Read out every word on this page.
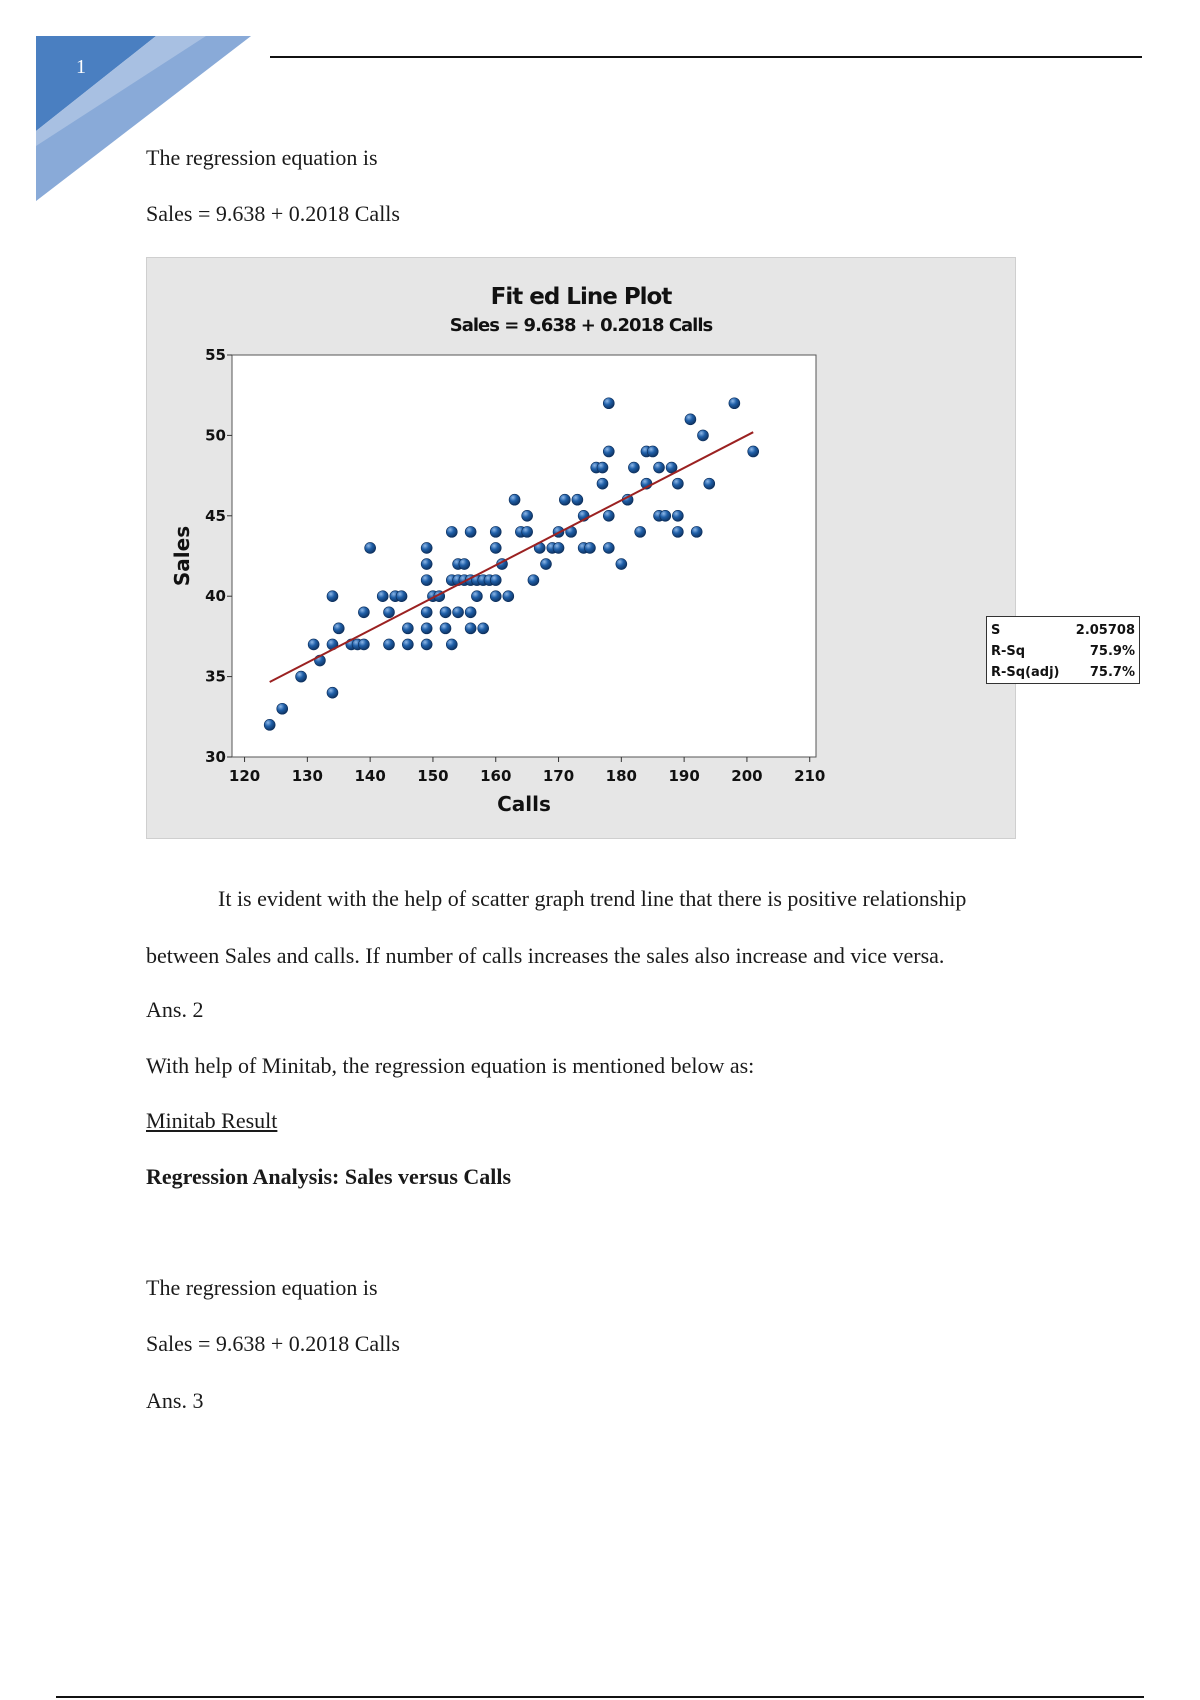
1
The regression equation is
Sales = 9.638 + 0.2018 Calls
Fit ed Line Plot
Sales = 9.638 + 0.2018 Calls
30
35
40
45
50
55
120 130 140 150 160 170 180 190 200 210
Calls
Sales
S	2.05708
R-Sq	75.9%
R-Sq(adj) 75.7%
It is evident with the help of scatter graph trend line that there is positive relationship
between Sales and calls. If number of calls increases the sales also increase and vice versa.
Ans. 2
With help of Minitab, the regression equation is mentioned below as:
Minitab Result
Regression Analysis: Sales versus Calls
The regression equation is
Sales = 9.638 + 0.2018 Calls
Ans. 3
